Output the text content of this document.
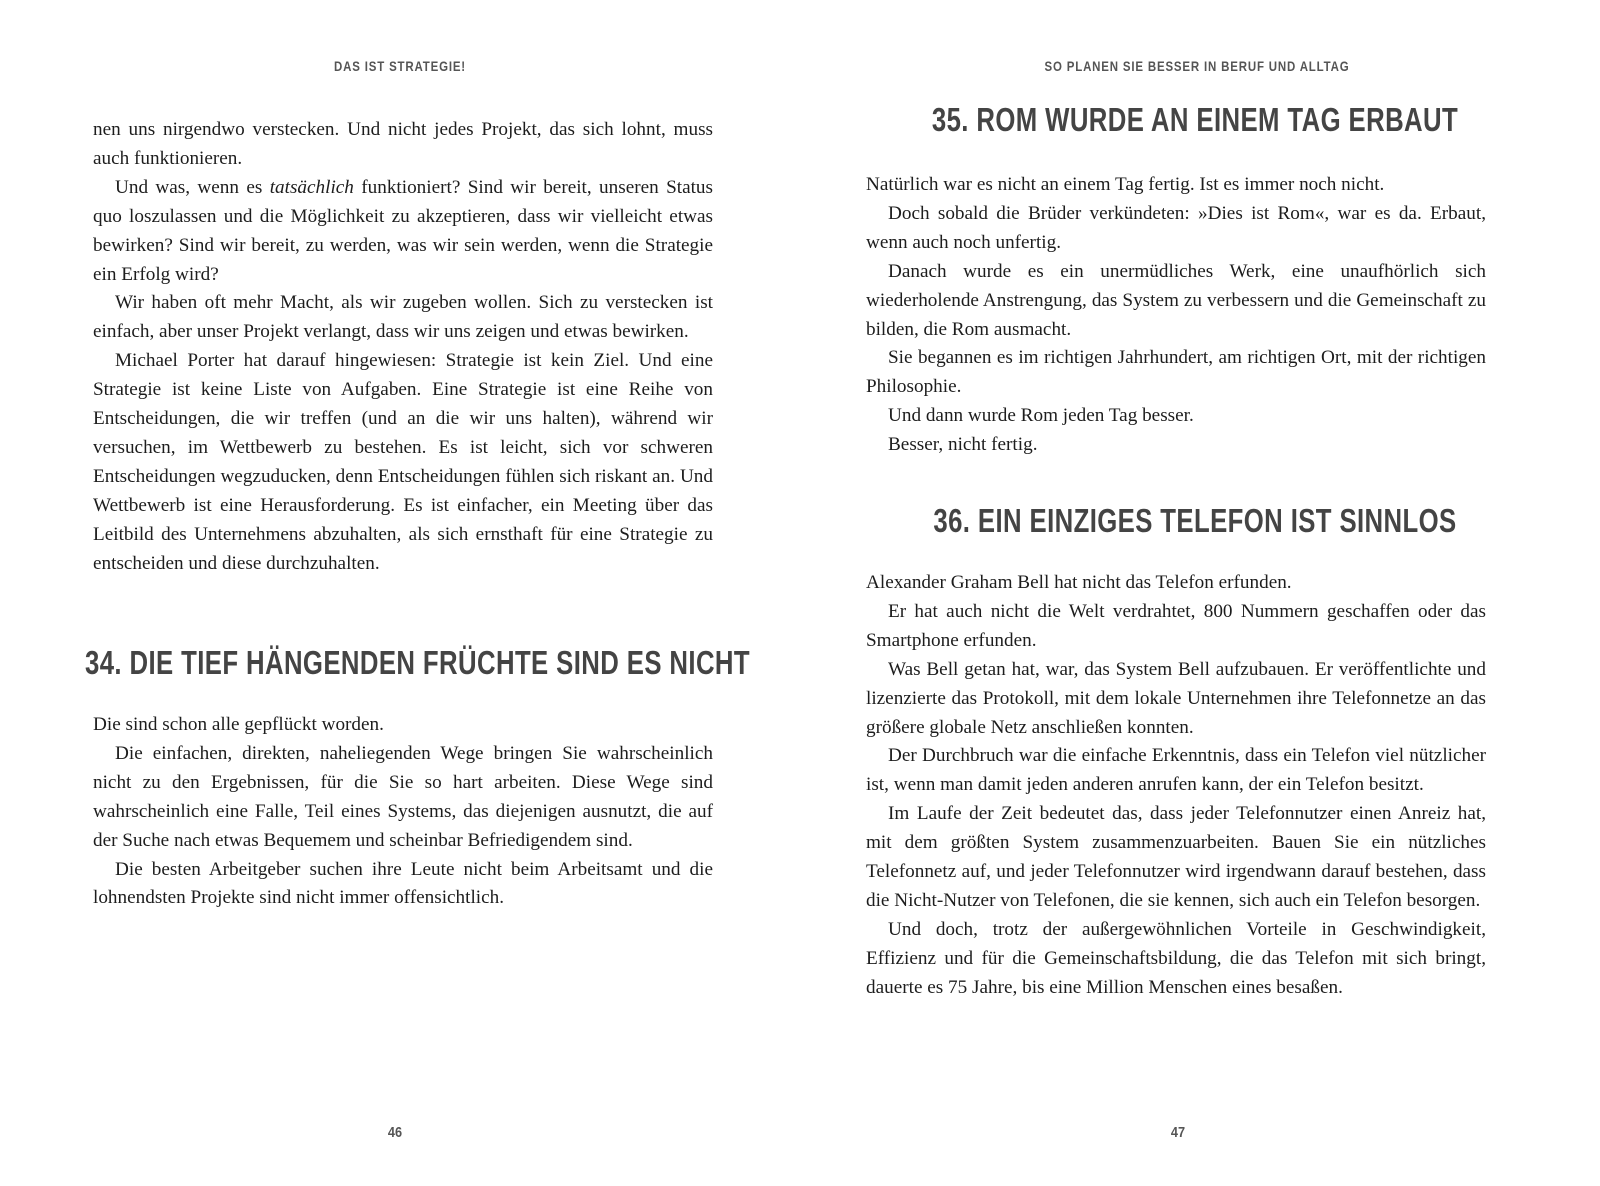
DAS IST STRATEGIE!

nen uns nirgendwo verstecken. Und nicht jedes Projekt, das sich lohnt, muss auch funktionieren.

Und was, wenn es tatsächlich funktioniert? Sind wir bereit, unseren Status quo loszulassen und die Möglichkeit zu akzeptieren, dass wir vielleicht etwas bewirken? Sind wir bereit, zu werden, was wir sein werden, wenn die Strategie ein Erfolg wird?

Wir haben oft mehr Macht, als wir zugeben wollen. Sich zu verstecken ist einfach, aber unser Projekt verlangt, dass wir uns zeigen und etwas bewirken.

Michael Porter hat darauf hingewiesen: Strategie ist kein Ziel. Und eine Strategie ist keine Liste von Aufgaben. Eine Strategie ist eine Reihe von Entscheidungen, die wir treffen (und an die wir uns halten), während wir versuchen, im Wettbewerb zu bestehen. Es ist leicht, sich vor schweren Entscheidungen wegzuducken, denn Entscheidungen fühlen sich riskant an. Und Wettbewerb ist eine Herausforderung. Es ist einfacher, ein Meeting über das Leitbild des Unternehmens abzuhalten, als sich ernsthaft für eine Strategie zu entscheiden und diese durchzuhalten.

34. DIE TIEF HÄNGENDEN FRÜCHTE SIND ES NICHT

Die sind schon alle gepflückt worden.

Die einfachen, direkten, naheliegenden Wege bringen Sie wahrscheinlich nicht zu den Ergebnissen, für die Sie so hart arbeiten. Diese Wege sind wahrscheinlich eine Falle, Teil eines Systems, das diejenigen ausnutzt, die auf der Suche nach etwas Bequemem und scheinbar Befriedigendem sind.

Die besten Arbeitgeber suchen ihre Leute nicht beim Arbeitsamt und die lohnendsten Projekte sind nicht immer offensichtlich.

46
SO PLANEN SIE BESSER IN BERUF UND ALLTAG
35. ROM WURDE AN EINEM TAG ERBAUT

Natürlich war es nicht an einem Tag fertig. Ist es immer noch nicht.

Doch sobald die Brüder verkündeten: »Dies ist Rom«, war es da. Erbaut, wenn auch noch unfertig.

Danach wurde es ein unermüdliches Werk, eine unaufhörlich sich wiederholende Anstrengung, das System zu verbessern und die Gemeinschaft zu bilden, die Rom ausmacht.

Sie begannen es im richtigen Jahrhundert, am richtigen Ort, mit der richtigen Philosophie.

Und dann wurde Rom jeden Tag besser.

Besser, nicht fertig.

36. EIN EINZIGES TELEFON IST SINNLOS

Alexander Graham Bell hat nicht das Telefon erfunden.

Er hat auch nicht die Welt verdrahtet, 800 Nummern geschaffen oder das Smartphone erfunden.

Was Bell getan hat, war, das System Bell aufzubauen. Er veröffentlichte und lizenzierte das Protokoll, mit dem lokale Unternehmen ihre Telefonnetze an das größere globale Netz anschließen konnten.

Der Durchbruch war die einfache Erkenntnis, dass ein Telefon viel nützlicher ist, wenn man damit jeden anderen anrufen kann, der ein Telefon besitzt.

Im Laufe der Zeit bedeutet das, dass jeder Telefonnutzer einen Anreiz hat, mit dem größten System zusammenzuarbeiten. Bauen Sie ein nützliches Telefonnetz auf, und jeder Telefonnutzer wird irgendwann darauf bestehen, dass die Nicht-Nutzer von Telefonen, die sie kennen, sich auch ein Telefon besorgen.

Und doch, trotz der außergewöhnlichen Vorteile in Geschwindigkeit, Effizienz und für die Gemeinschaftsbildung, die das Telefon mit sich bringt, dauerte es 75 Jahre, bis eine Million Menschen eines besaßen.

47
